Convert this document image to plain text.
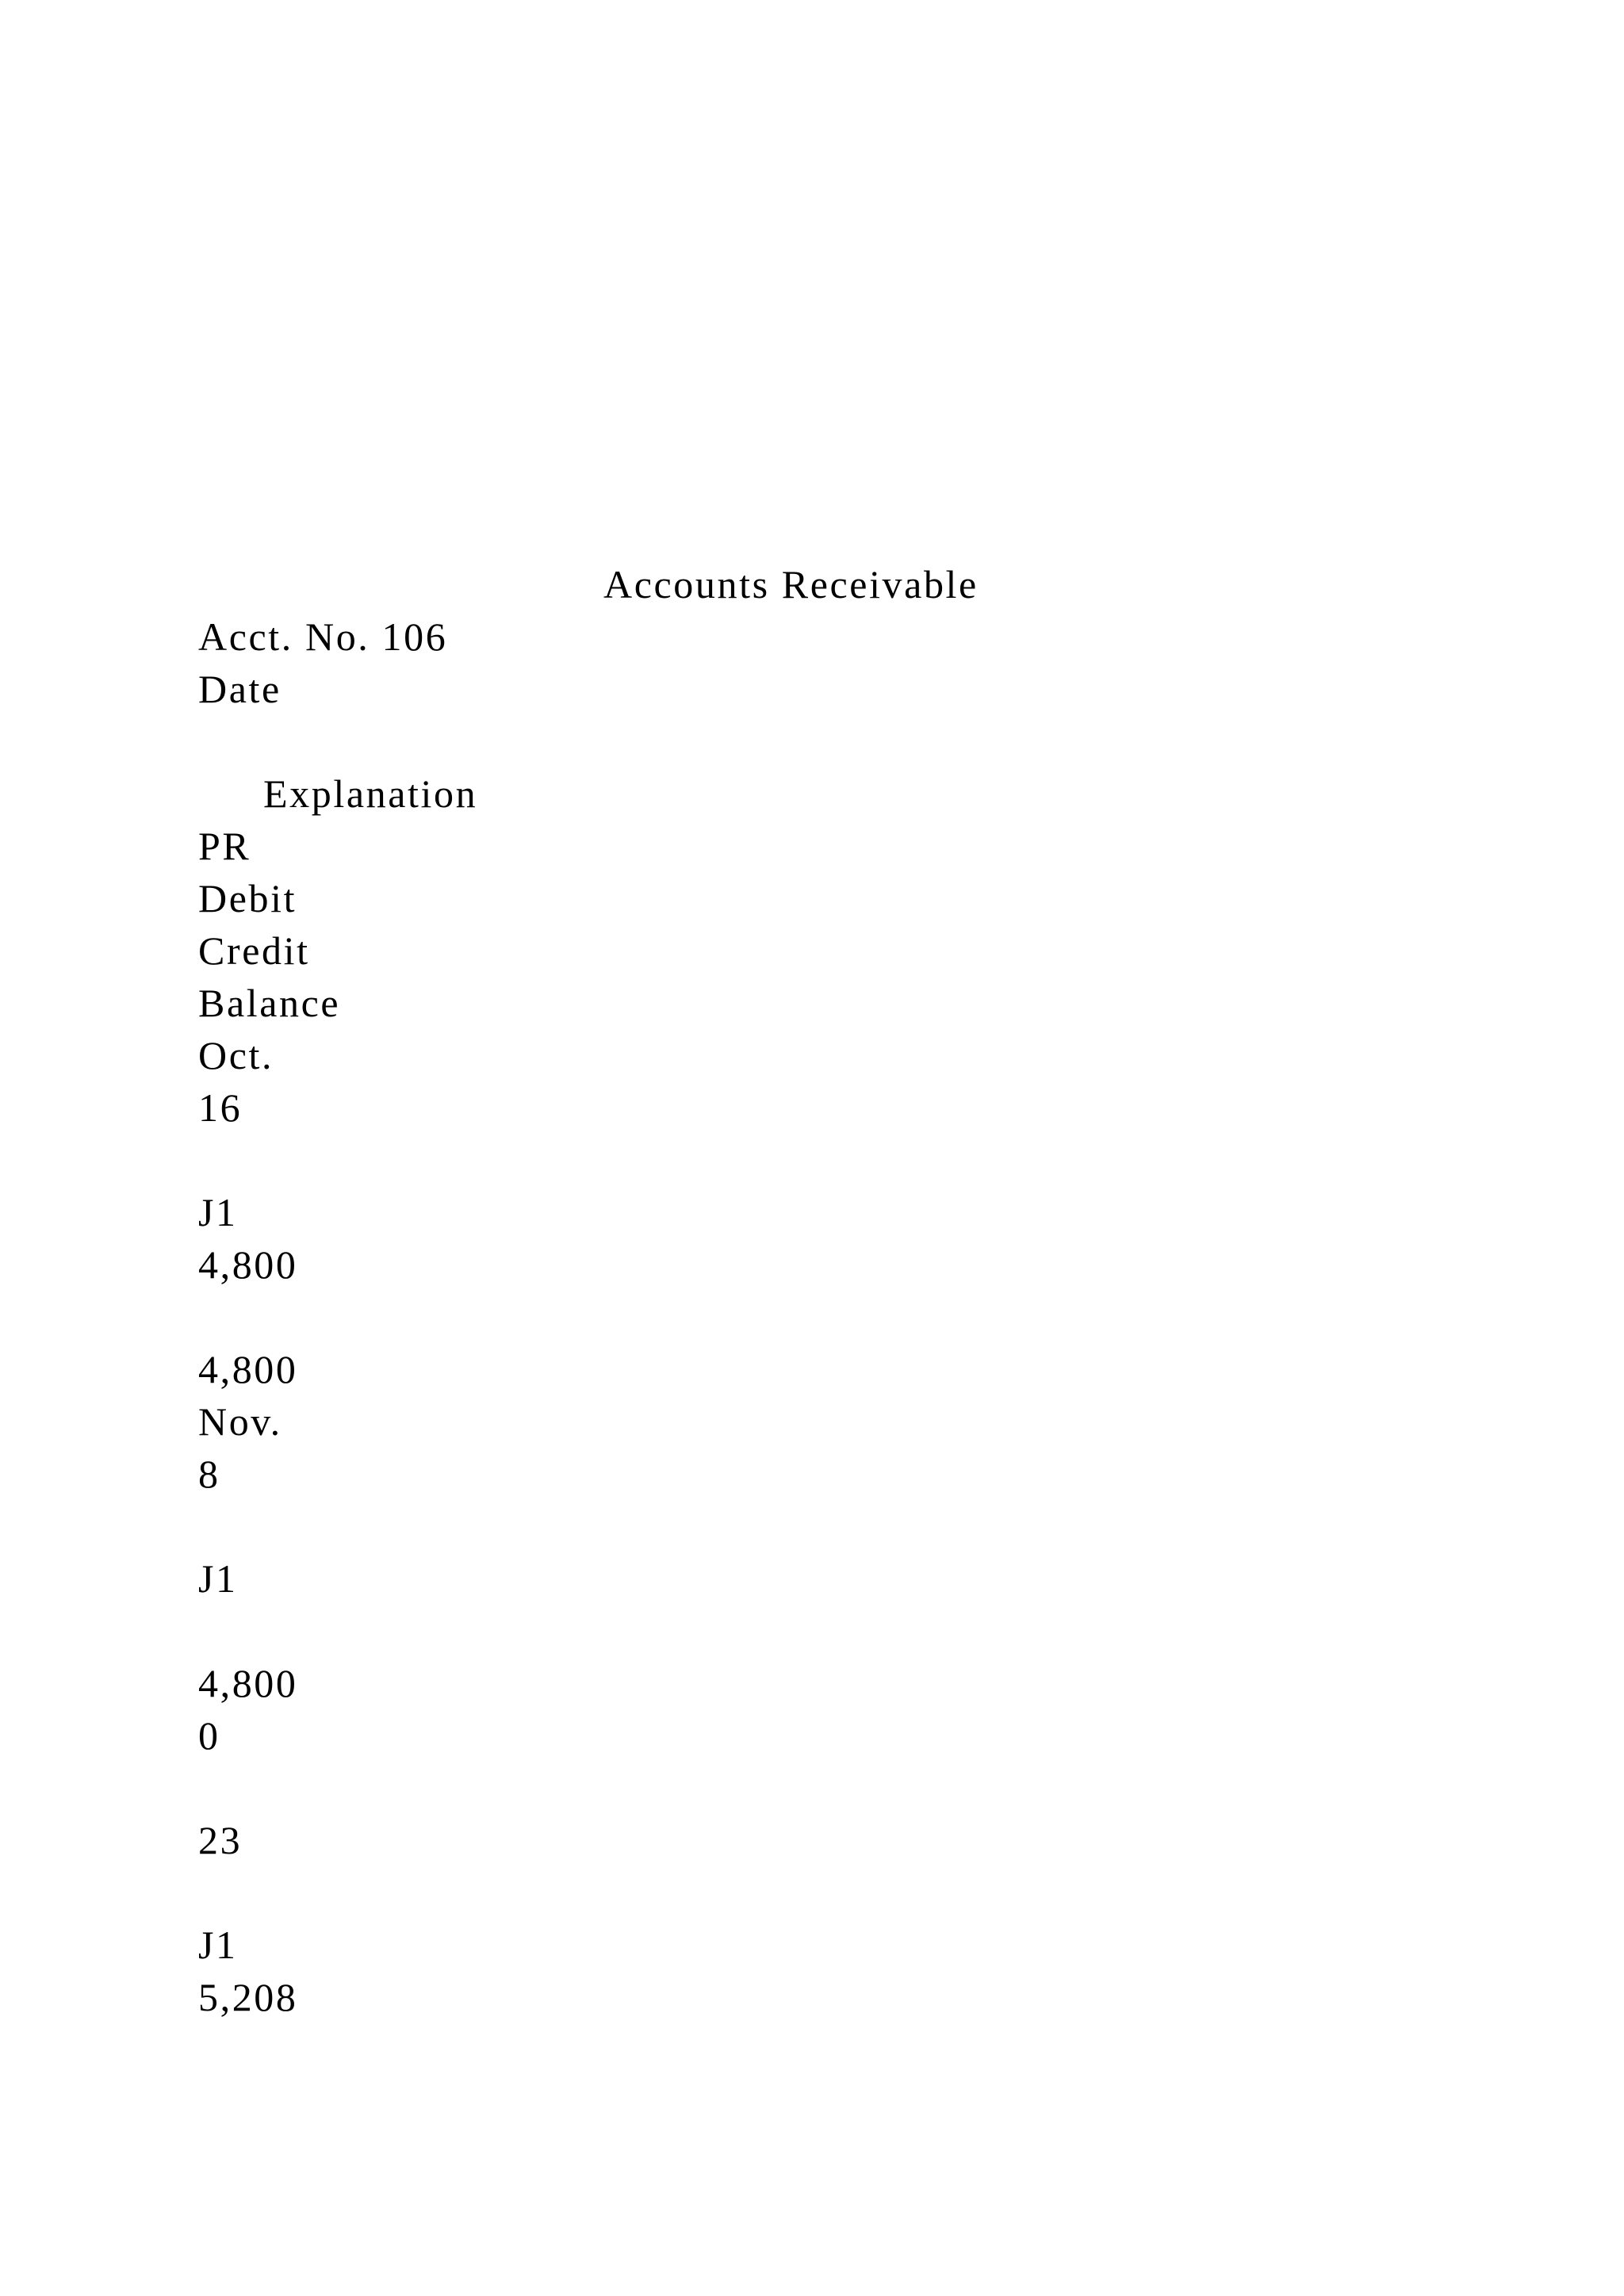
Accounts Receivable
Acct. No. 106
Date
Explanation
PR
Debit
Credit
Balance
Oct.
16
J1
4,800
4,800
Nov.
8
J1
4,800
0
23
J1
5,208
